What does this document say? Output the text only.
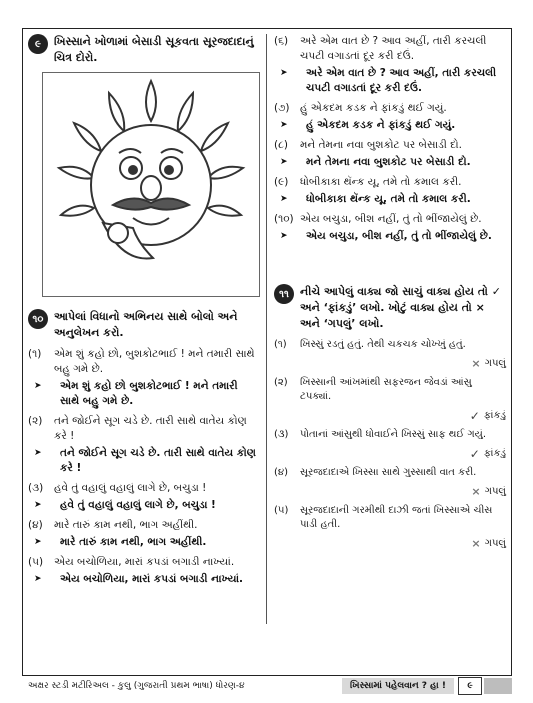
૯	ખિસ્સાને ખોળામાં બેસાડી સૂકવતા સૂરજદાદાનું ચિત્ર દોરો.
૧૦ આપેલાં વિધાનો અભિનય સાથે બોલો અને અનુલેખન કરો.
(૧)	એમ શું કહો છો, બુશકોટભાઈ ! મને તમારી સાથે બહુ ગમે છે.
➤	એમ શું કહો છો બુશકોટભાઈ ! મને તમારી સાથે બહુ ગમે છે.
(૨)	તને જોઈને સૂગ ચડે છે. તારી સાથે વાતેય કોણ કરે !
➤	તને જોઈને સૂગ ચડે છે. તારી સાથે વાતેય કોણ કરે !
(૩)	હવે તું વહાલું વહાલું લાગે છે, બચુડા !
➤	હવે તું વહાલું વહાલું લાગે છે, બચુડા !
(૪)	મારે તારું કામ નથી, ભાગ અહીંથી.
➤	મારે તારું કામ નથી, ભાગ અહીંથી.
(૫)	એય બચોળિયા, મારાં કપડાં બગાડી નાખ્યાં.
➤	એય બચોળિયા, મારાં કપડાં બગાડી નાખ્યાં.
(૬)	અરે એમ વાત છે ? આવ અહીં, તારી કરચલી ચપટી વગાડતાં દૂર કરી દઉં.
➤	અરે એમ વાત છે ? આવ અહીં, તારી કરચલી ચપટી વગાડતાં દૂર કરી દઉં.
(૭)	હું એકદમ કડક ને ફાંકડું થઈ ગયું.
➤	હું એકદમ કડક ને ફાંકડું થઈ ગયું.
(૮)	મને તેમના નવા બુશકોટ પર બેસાડી દો.
➤	મને તેમના નવા બુશકોટ પર બેસાડી દો.
(૯)	ધોબીકાકા થૅન્ક યૂ, તમે તો કમાલ કરી.
➤	ધોબીકાકા થૅન્ક યૂ, તમે તો કમાલ કરી.
(૧૦) એય બચુડા, બીશ નહીં, તું તો ભીંજાયેલું છે.
➤	એય બચુડા, બીશ નહીં, તું તો ભીંજાયેલું છે.
૧૧	નીચે આપેલું વાક્ય જો સાચું વાક્ય હોય તો ✓ અને ‘ફાંકડું’ લખો. ખોટું વાક્ય હોય તો × અને ‘ગપલું’ લખો.
(૧)	ખિસ્સું રડતું હતું. તેથી ચકચક ચોખ્ખું હતું.
× ગપલું
(૨)	ખિસ્સાની આંખમાંથી સફરજન જેવડાં આંસુ ટપક્યાં.
✓ ફાંકડું
(૩)	પોતાનાં આંસુથી ધોવાઈને ખિસ્સું સાફ થઈ ગયું.
✓ ફાંકડું
(૪)	સૂરજદાદાએ ખિસ્સા સાથે ગુસ્સાથી વાત કરી.
× ગપલું
(૫)	સૂરજદાદાની ગરમીથી દાઝી જતાં ખિસ્સાએ ચીસ પાડી હતી.
× ગપલું
અક્ષર સ્ટડી મટીરિઅલ - કુલુ (ગુજરાતી પ્રથમ ભાષા) ધોરણ-૪	ખિસ્સામાં પહેલવાન ? હા !	૯
